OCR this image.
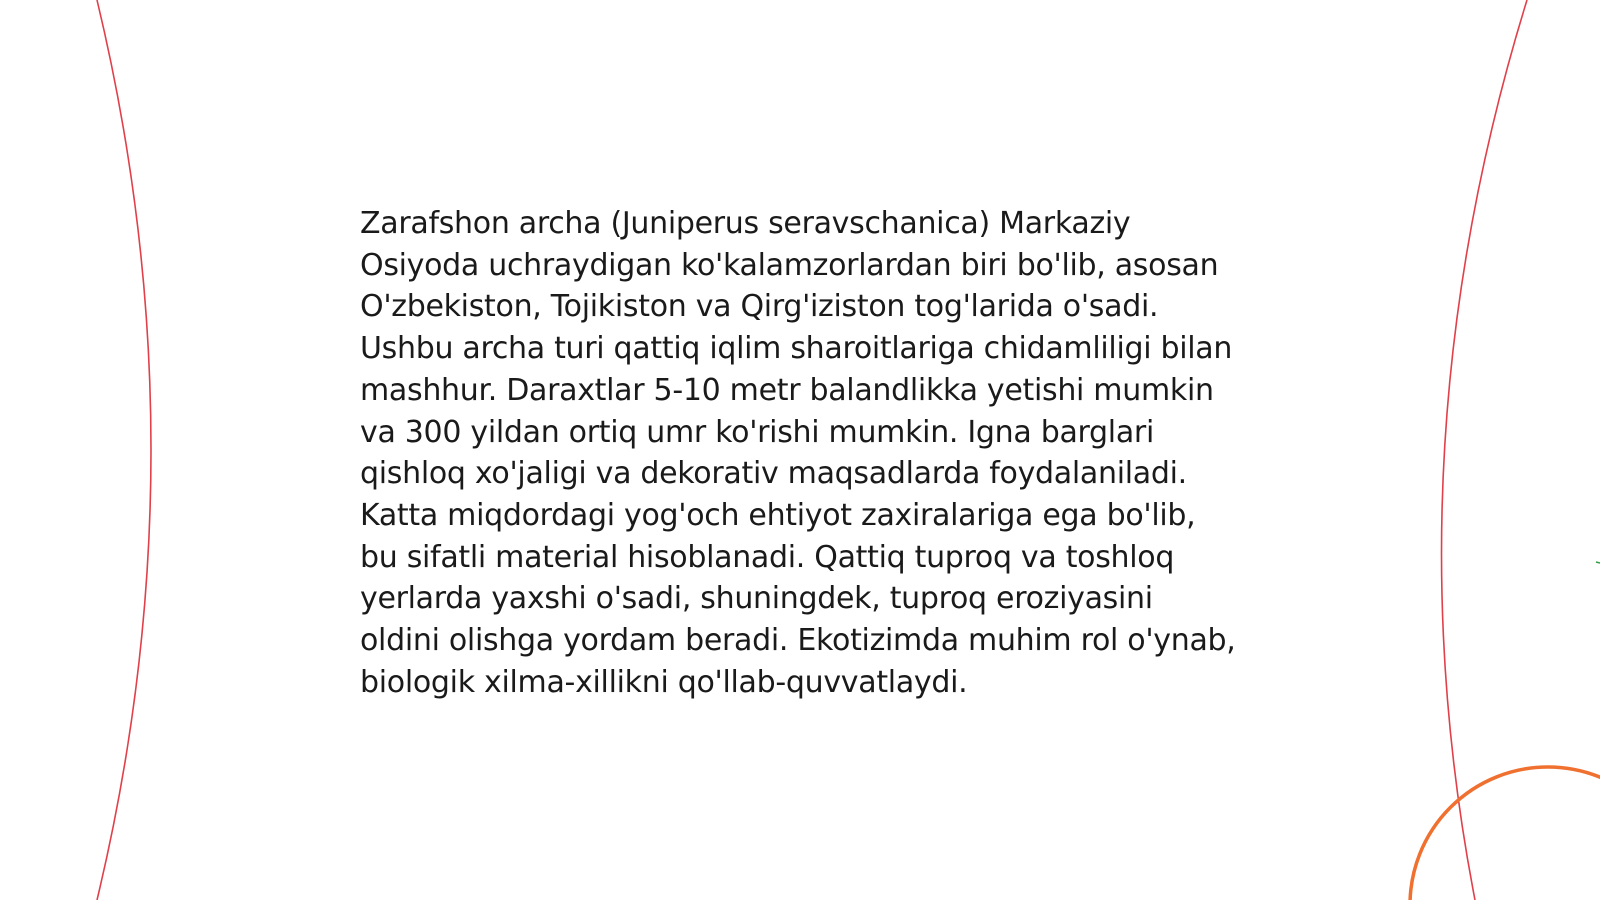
Zarafshon archa (Juniperus seravschanica) Markaziy Osiyoda uchraydigan ko'kalamzorlardan biri bo'lib, asosan O'zbekiston, Tojikiston va Qirg'iziston tog'larida o'sadi. Ushbu archa turi qattiq iqlim sharoitlariga chidamliligi bilan mashhur. Daraxtlar 5-10 metr balandlikka yetishi mumkin va 300 yildan ortiq umr ko'rishi mumkin. Igna barglari qishloq xo'jaligi va dekorativ maqsadlarda foydalaniladi. Katta miqdordagi yog'och ehtiyot zaxiralariga ega bo'lib, bu sifatli material hisoblanadi. Qattiq tuproq va toshloq yerlarda yaxshi o'sadi, shuningdek, tuproq eroziyasini oldini olishga yordam beradi. Ekotizimda muhim rol o'ynab, biologik xilma-xillikni qo'llab-quvvatlaydi.
